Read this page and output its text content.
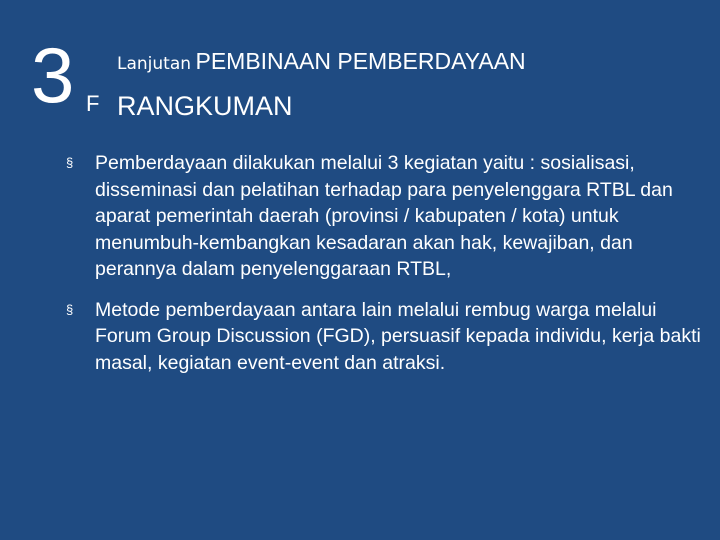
3 F
Lanjutan PEMBINAAN PEMBERDAYAAN
RANGKUMAN
§ Pemberdayaan dilakukan melalui 3 kegiatan yaitu : sosialisasi, disseminasi dan pelatihan terhadap para penyelenggara RTBL dan aparat pemerintah daerah (provinsi / kabupaten / kota) untuk menumbuh-kembangkan kesadaran akan hak, kewajiban, dan perannya dalam penyelenggaraan RTBL,
§ Metode pemberdayaan antara lain melalui rembug warga melalui Forum Group Discussion (FGD), persuasif kepada individu, kerja bakti masal, kegiatan event-event dan atraksi.
